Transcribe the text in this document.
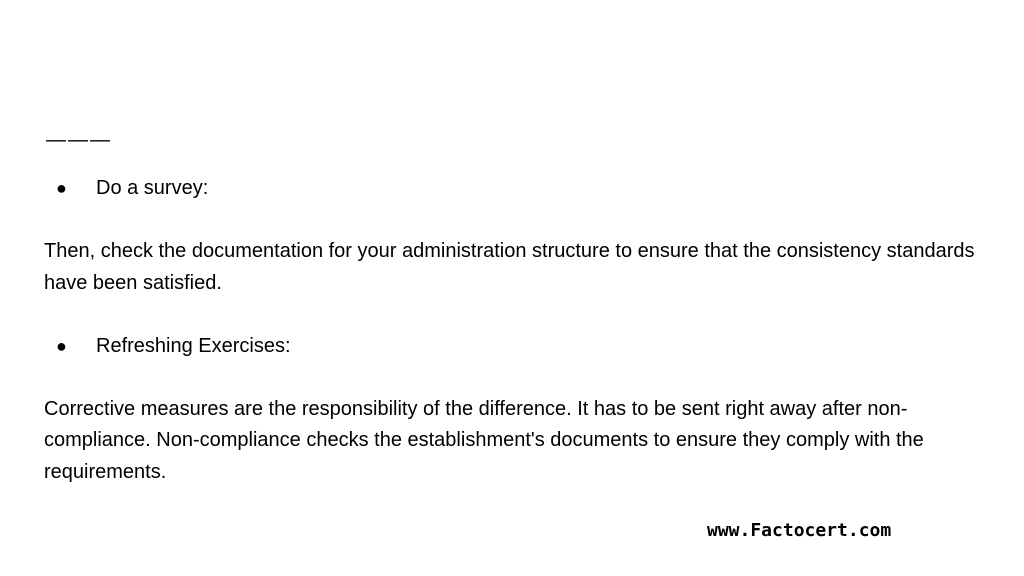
———
● Do a survey:

Then, check the documentation for your administration structure to ensure that the consistency standards have been satisfied.

● Refreshing Exercises:

Corrective measures are the responsibility of the difference. It has to be sent right away after non-compliance. Non-compliance checks the establishment's documents to ensure they comply with the requirements.

www.Factocert.com
